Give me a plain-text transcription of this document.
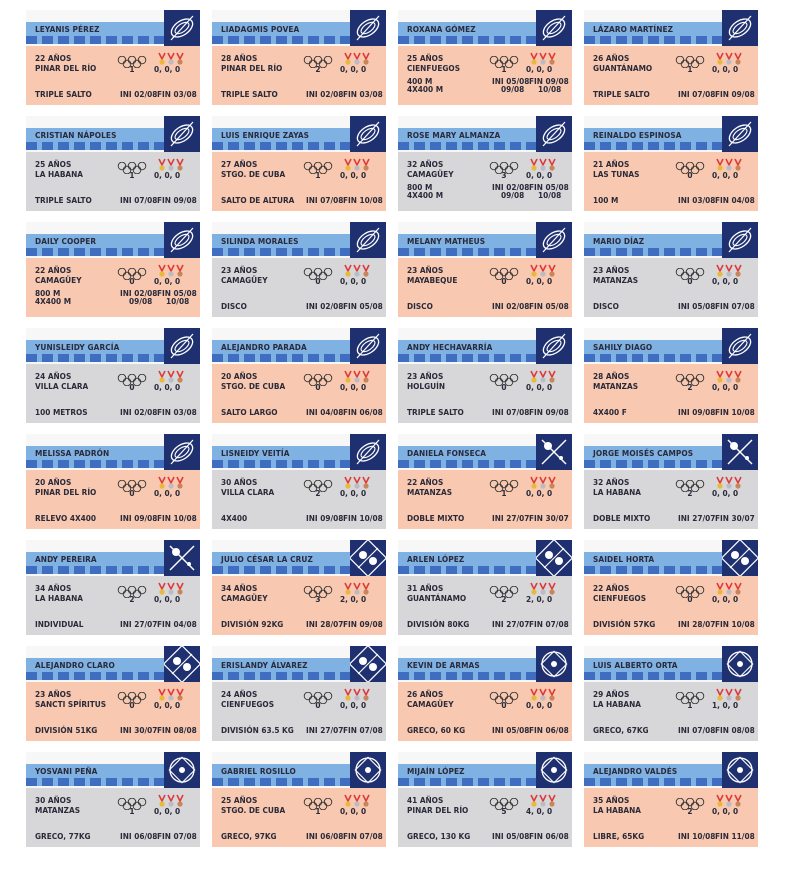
LEYANIS PÉREZ
22 AÑOS
PINAR DEL RÍO	1	0, 0, 0
TRIPLE SALTO	INI 02/08 FIN 03/08
LIADAGMIS POVEA
28 AÑOS
PINAR DEL RÍO	2	0, 0, 0
TRIPLE SALTO	INI 02/08 FIN 03/08
ROXANA GÓMEZ
25 AÑOS
CIENFUEGOS	1	0, 0, 0
400 M
4X400 M
INI 05/08 FIN 09/08
09/08 10/08
LÁZARO MARTÍNEZ
26 AÑOS
GUANTÁNAMO	1	0, 0, 0
TRIPLE SALTO	INI 07/08 FIN 09/08
CRISTIAN NÁPOLES
25 AÑOS
LA HABANA	1	0, 0, 0
TRIPLE SALTO	INI 07/08 FIN 09/08
LUIS ENRIQUE ZAYAS
27 AÑOS
STGO. DE CUBA	1	0, 0, 0
SALTO DE ALTURA INI 07/08 FIN 10/08
ROSE MARY ALMANZA
32 AÑOS
CAMAGÜEY	3	0, 0, 0
800 M
4X400 M
INI 02/08 FIN 05/08
09/08 10/08
REINALDO ESPINOSA
21 AÑOS
LAS TUNAS	0	0, 0, 0
100 M	INI 03/08 FIN 04/08
DAILY COOPER
22 AÑOS
CAMAGÜEY	0	0, 0, 0
800 M
4X400 M
INI 02/08 FIN 05/08
09/08 10/08
SILINDA MORALES
23 AÑOS
CAMAGÜEY	0	0, 0, 0
DISCO	INI 02/08 FIN 05/08
MELANY MATHEUS
23 AÑOS
MAYABEQUE	0	0, 0, 0
DISCO	INI 02/08 FIN 05/08
MARIO DÍAZ
23 AÑOS
MATANZAS	0	0, 0, 0
DISCO	INI 05/08 FIN 07/08
YUNISLEIDY GARCÍA
24 AÑOS
VILLA CLARA	0	0, 0, 0
100 METROS	INI 02/08 FIN 03/08
ALEJANDRO PARADA
20 AÑOS
STGO. DE CUBA	0	0, 0, 0
SALTO LARGO	INI 04/08 FIN 06/08
ANDY HECHAVARRÍA
23 AÑOS
HOLGUÍN	0	0, 0, 0
TRIPLE SALTO	INI 07/08 FIN 09/08
SAHILY DIAGO
28 AÑOS
MATANZAS	2	0, 0, 0
4X400 F	INI 09/08 FIN 10/08
MELISSA PADRÓN
20 AÑOS
PINAR DEL RÍO	0	0, 0, 0
RELEVO 4X400	INI 09/08 FIN 10/08
LISNEIDY VEITÍA
30 AÑOS
VILLA CLARA	2	0, 0, 0
4X400	INI 09/08 FIN 10/08
DANIELA FONSECA
22 AÑOS
MATANZAS	1	0, 0, 0
DOBLE MIXTO	INI 27/07 FIN 30/07
JORGE MOISÉS CAMPOS
32 AÑOS
LA HABANA	2	0, 0, 0
DOBLE MIXTO	INI 27/07 FIN 30/07
ANDY PEREIRA
34 AÑOS
LA HABANA	2	0, 0, 0
INDIVIDUAL	INI 27/07 FIN 04/08
JULIO CÉSAR LA CRUZ
34 AÑOS
CAMAGÜEY	3	2, 0, 0
DIVISIÓN 92KG	INI 28/07 FIN 09/08
ARLEN LÓPEZ
31 AÑOS
GUANTÁNAMO	2	2, 0, 0
DIVISIÓN 80KG	INI 27/07 FIN 07/08
SAIDEL HORTA
22 AÑOS
CIENFUEGOS	0	0, 0, 0
DIVISIÓN 57KG	INI 28/07 FIN 10/08
ALEJANDRO CLARO
23 AÑOS
SANCTI SPÍRITUS	0	0, 0, 0
DIVISIÓN 51KG	INI 30/07 FIN 08/08
ERISLANDY ÁLVAREZ
24 AÑOS
CIENFUEGOS	0	0, 0, 0
DIVISIÓN 63.5 KG INI 27/07 FIN 07/08
KEVIN DE ARMAS
26 AÑOS
CAMAGÜEY	0	0, 0, 0
GRECO, 60 KG	INI 05/08 FIN 06/08
LUIS ALBERTO ORTA
29 AÑOS
LA HABANA	1	1, 0, 0
GRECO, 67KG	INI 07/08 FIN 08/08
YOSVANI PEÑA
30 AÑOS
MATANZAS	1	0, 0, 0
GRECO, 77KG	INI 06/08 FIN 07/08
GABRIEL ROSILLO
25 AÑOS
STGO. DE CUBA	1	0, 0, 0
GRECO, 97KG	INI 06/08 FIN 07/08
MIJAÍN LÓPEZ
41 AÑOS
PINAR DEL RÍO	5	4, 0, 0
GRECO, 130 KG	INI 05/08 FIN 06/08
ALEJANDRO VALDÉS
35 AÑOS
LA HABANA	2	0, 0, 0
LIBRE, 65KG	INI 10/08 FIN 11/08
